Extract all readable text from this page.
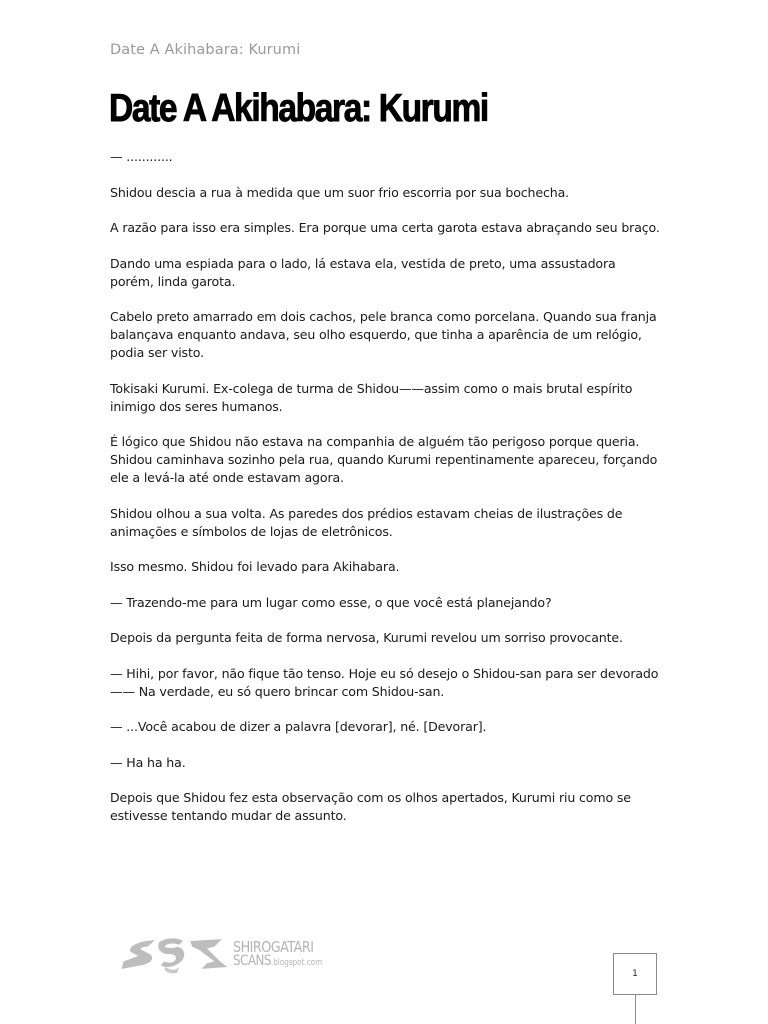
Date A Akihabara: Kurumi
Date A Akihabara: Kurumi

— ............

Shidou descia a rua à medida que um suor frio escorria por sua bochecha.

A razão para isso era simples. Era porque uma certa garota estava abraçando seu braço.

Dando uma espiada para o lado, lá estava ela, vestida de preto, uma assustadora porém, linda garota.

Cabelo preto amarrado em dois cachos, pele branca como porcelana. Quando sua franja balançava enquanto andava, seu olho esquerdo, que tinha a aparência de um relógio, podia ser visto.

Tokisaki Kurumi. Ex-colega de turma de Shidou——assim como o mais brutal espírito inimigo dos seres humanos.

É lógico que Shidou não estava na companhia de alguém tão perigoso porque queria. Shidou caminhava sozinho pela rua, quando Kurumi repentinamente apareceu, forçando ele a levá-la até onde estavam agora.

Shidou olhou a sua volta. As paredes dos prédios estavam cheias de ilustrações de animações e símbolos de lojas de eletrônicos.

Isso mesmo. Shidou foi levado para Akihabara.

— Trazendo-me para um lugar como esse, o que você está planejando?

Depois da pergunta feita de forma nervosa, Kurumi revelou um sorriso provocante.

— Hihi, por favor, não fique tão tenso. Hoje eu só desejo o Shidou-san para ser devorado—— Na verdade, eu só quero brincar com Shidou-san.

— ...Você acabou de dizer a palavra [devorar], né. [Devorar].

— Ha ha ha.

Depois que Shidou fez esta observação com os olhos apertados, Kurumi riu como se estivesse tentando mudar de assunto.

SHIROGATARI
SCANS.blogspot.com
1
